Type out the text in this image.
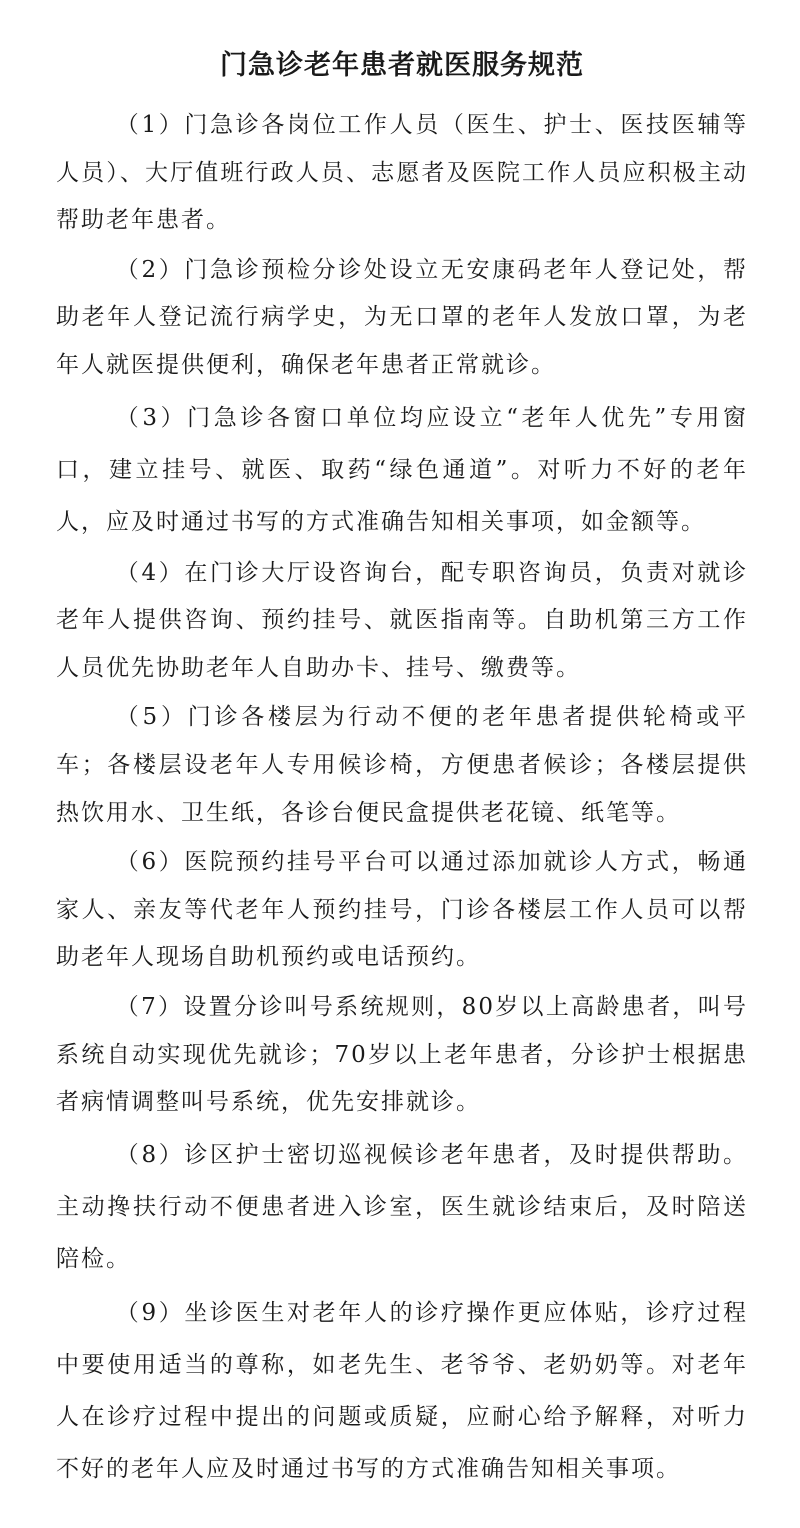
门急诊老年患者就医服务规范

（1）门急诊各岗位工作人员（医生、护士、医技医辅等人员）、大厅值班行政人员、志愿者及医院工作人员应积极主动帮助老年患者。

（2）门急诊预检分诊处设立无安康码老年人登记处，帮助老年人登记流行病学史，为无口罩的老年人发放口罩，为老年人就医提供便利，确保老年患者正常就诊。

（3）门急诊各窗口单位均应设立“老年人优先”专用窗口，建立挂号、就医、取药“绿色通道”。对听力不好的老年人，应及时通过书写的方式准确告知相关事项，如金额等。

（4）在门诊大厅设咨询台，配专职咨询员，负责对就诊老年人提供咨询、预约挂号、就医指南等。自助机第三方工作人员优先协助老年人自助办卡、挂号、缴费等。

（5）门诊各楼层为行动不便的老年患者提供轮椅或平车；各楼层设老年人专用候诊椅，方便患者候诊；各楼层提供热饮用水、卫生纸，各诊台便民盒提供老花镜、纸笔等。

（6）医院预约挂号平台可以通过添加就诊人方式，畅通家人、亲友等代老年人预约挂号，门诊各楼层工作人员可以帮助老年人现场自助机预约或电话预约。

（7）设置分诊叫号系统规则，80岁以上高龄患者，叫号系统自动实现优先就诊；70岁以上老年患者，分诊护士根据患者病情调整叫号系统，优先安排就诊。

（8）诊区护士密切巡视候诊老年患者，及时提供帮助。主动搀扶行动不便患者进入诊室，医生就诊结束后，及时陪送陪检。

（9）坐诊医生对老年人的诊疗操作更应体贴，诊疗过程中要使用适当的尊称，如老先生、老爷爷、老奶奶等。对老年人在诊疗过程中提出的问题或质疑，应耐心给予解释，对听力不好的老年人应及时通过书写的方式准确告知相关事项。
